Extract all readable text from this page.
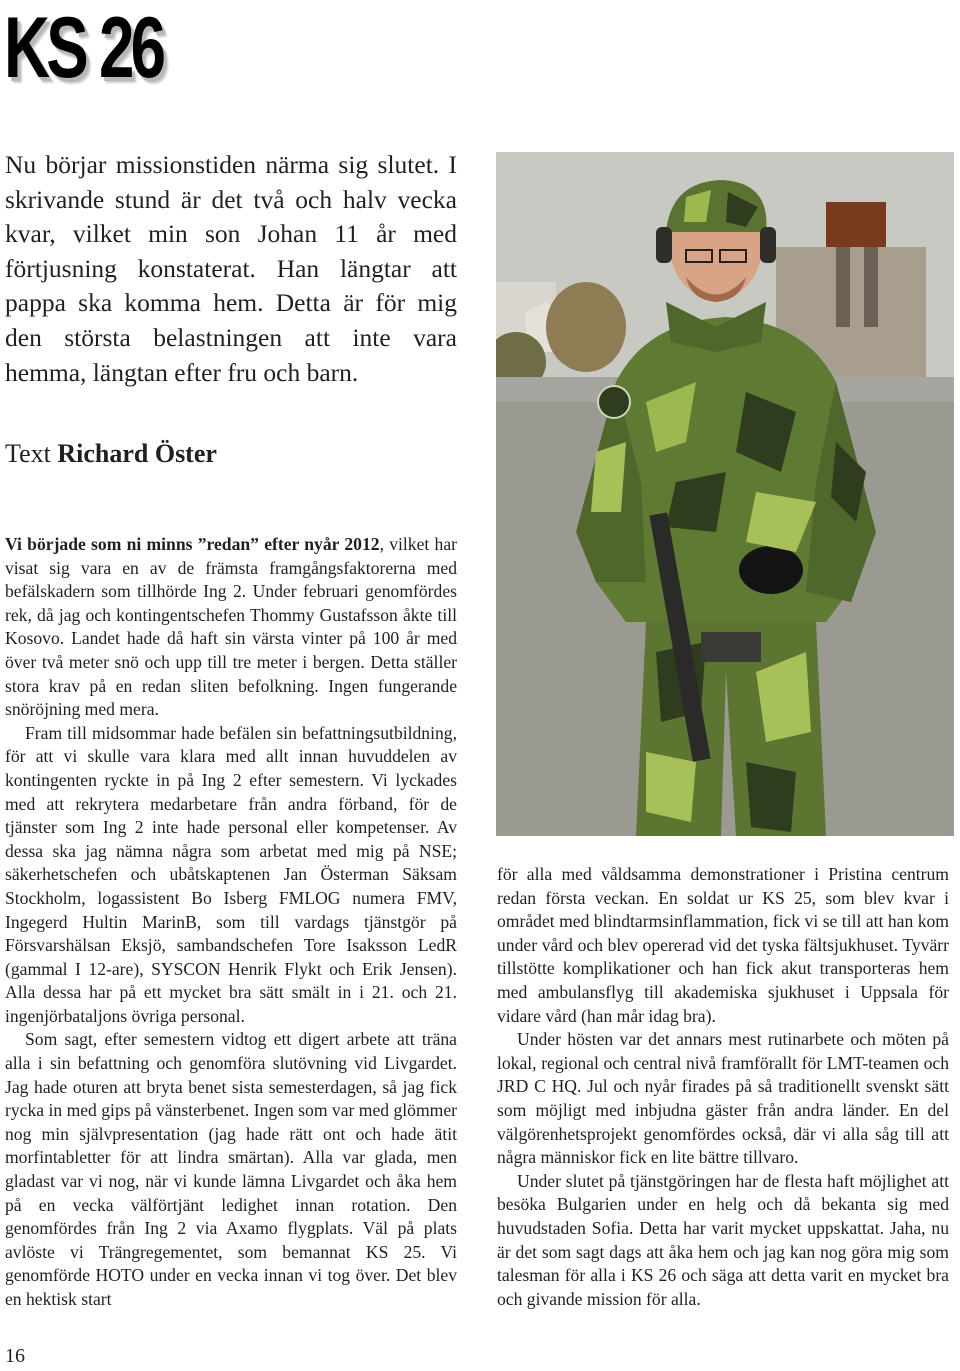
KS 26

Nu börjar missionstiden närma sig slutet. I skrivande stund är det två och halv vecka kvar, vilket min son Johan 11 år med förtjusning konstaterat. Han längtar att pappa ska komma hem. Detta är för mig den största belastningen att inte vara hemma, längtan efter fru och barn.

Text Richard Öster

Vi började som ni minns ”redan” efter nyår 2012, vilket har visat sig vara en av de främsta framgångsfaktorerna med befälskadern som tillhörde Ing 2. Under februari genomfördes rek, då jag och kontingentschefen Thommy Gustafsson åkte till Kosovo. Landet hade då haft sin värsta vinter på 100 år med över två meter snö och upp till tre meter i bergen. Detta ställer stora krav på en redan sliten befolkning. Ingen fungerande snöröjning med mera.

Fram till midsommar hade befälen sin befattningsutbildning, för att vi skulle vara klara med allt innan huvuddelen av kontingenten ryckte in på Ing 2 efter semestern. Vi lyckades med att rekrytera medarbetare från andra förband, för de tjänster som Ing 2 inte hade personal eller kompetenser. Av dessa ska jag nämna några som arbetat med mig på NSE; säkerhetschefen och ubåtskaptenen Jan Österman Säksam Stockholm, logassistent Bo Isberg FMLOG numera FMV, Ingegerd Hultin MarinB, som till vardags tjänstgör på Försvarshälsan Eksjö, sambandschefen Tore Isaksson LedR (gammal I 12-are), SYSCON Henrik Flykt och Erik Jensen). Alla dessa har på ett mycket bra sätt smält in i 21. och 21. ingenjörbataljons övriga personal.

Som sagt, efter semestern vidtog ett digert arbete att träna alla i sin befattning och genomföra slutövning vid Livgardet. Jag hade oturen att bryta benet sista semesterdagen, så jag fick rycka in med gips på vänsterbenet. Ingen som var med glömmer nog min självpresentation (jag hade rätt ont och hade ätit morfintabletter för att lindra smärtan). Alla var glada, men gladast var vi nog, när vi kunde lämna Livgardet och åka hem på en vecka välförtjänt ledighet innan rotation. Den genomfördes från Ing 2 via Axamo flygplats. Väl på plats avlöste vi Trängregementet, som bemannat KS 25. Vi genomförde HOTO under en vecka innan vi tog över. Det blev en hektisk start

för alla med våldsamma demonstrationer i Pristina centrum redan första veckan. En soldat ur KS 25, som blev kvar i området med blindtarmsinflammation, fick vi se till att han kom under vård och blev opererad vid det tyska fältsjukhuset. Tyvärr tillstötte komplikationer och han fick akut transporteras hem med ambulansflyg till akademiska sjukhuset i Uppsala för vidare vård (han mår idag bra).

Under hösten var det annars mest rutinarbete och möten på lokal, regional och central nivå framförallt för LMT-teamen och JRD C HQ. Jul och nyår firades på så traditionellt svenskt sätt som möjligt med inbjudna gäster från andra länder. En del välgörenhetsprojekt genomfördes också, där vi alla såg till att några människor fick en lite bättre tillvaro.

Under slutet på tjänstgöringen har de flesta haft möjlighet att besöka Bulgarien under en helg och då bekanta sig med huvudstaden Sofia. Detta har varit mycket uppskattat. Jaha, nu är det som sagt dags att åka hem och jag kan nog göra mig som talesman för alla i KS 26 och säga att detta varit en mycket bra och givande mission för alla.

16
